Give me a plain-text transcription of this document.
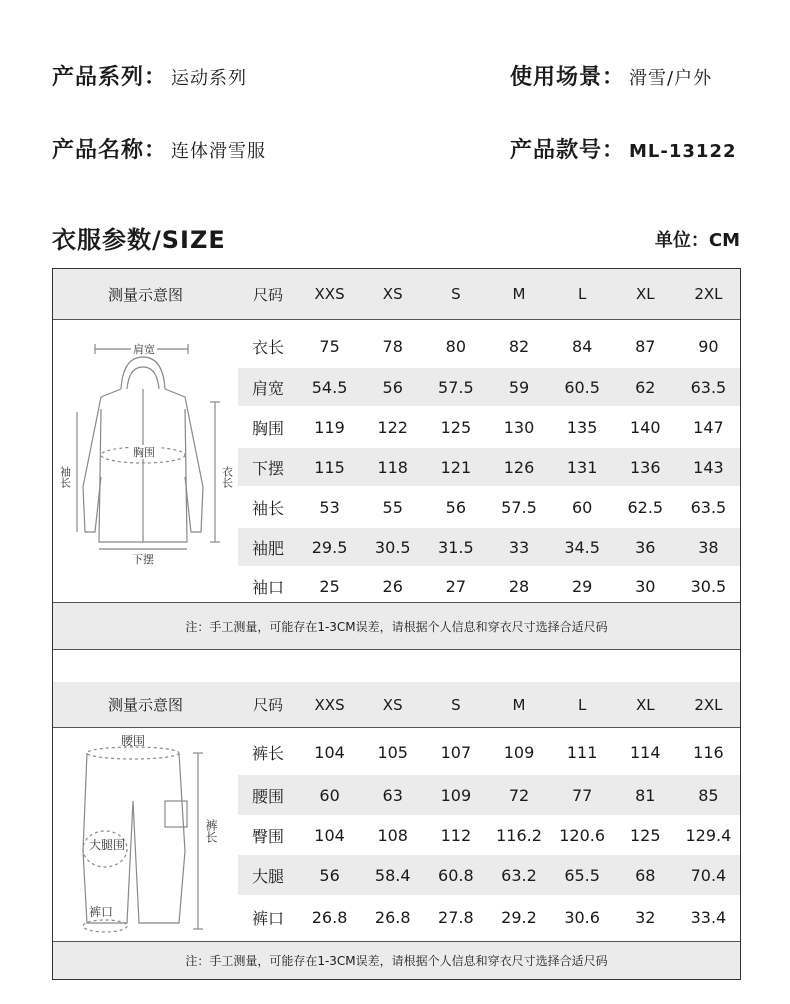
产品系列： 运动系列	使用场景： 滑雪/户外
产品名称： 连体滑雪服	产品款号： ML-13122
衣服参数/SIZE	单位：CM
测量示意图	尺码	XXS	XS	S	M	L	XL	2XL
衣长	75	78	80	82	84	87	90
肩宽	54.5	56	57.5	59	60.5	62	63.5
胸围	119	122	125	130	135	140	147
下摆	115	118	121	126	131	136	143
袖长	53	55	56	57.5	60	62.5	63.5
袖肥	29.5	30.5	31.5	33	34.5	36	38
袖口	25	26	27	28	29	30	30.5
肩宽
胸围
下摆
衣长
袖长
注：手工测量，可能存在1-3CM误差，请根据个人信息和穿衣尺寸选择合适尺码
测量示意图	尺码	XXS	XS	S	M	L	XL	2XL
裤长	104	105	107	109	111	114	116
腰围	60	63	109	72	77	81	85
臀围	104	108	112	116.2	120.6	125	129.4
大腿	56	58.4	60.8	63.2	65.5	68	70.4
裤口	26.8	26.8	27.8	29.2	30.6	32	33.4
腰围
大腿围
裤口
裤长
注：手工测量，可能存在1-3CM误差，请根据个人信息和穿衣尺寸选择合适尺码
